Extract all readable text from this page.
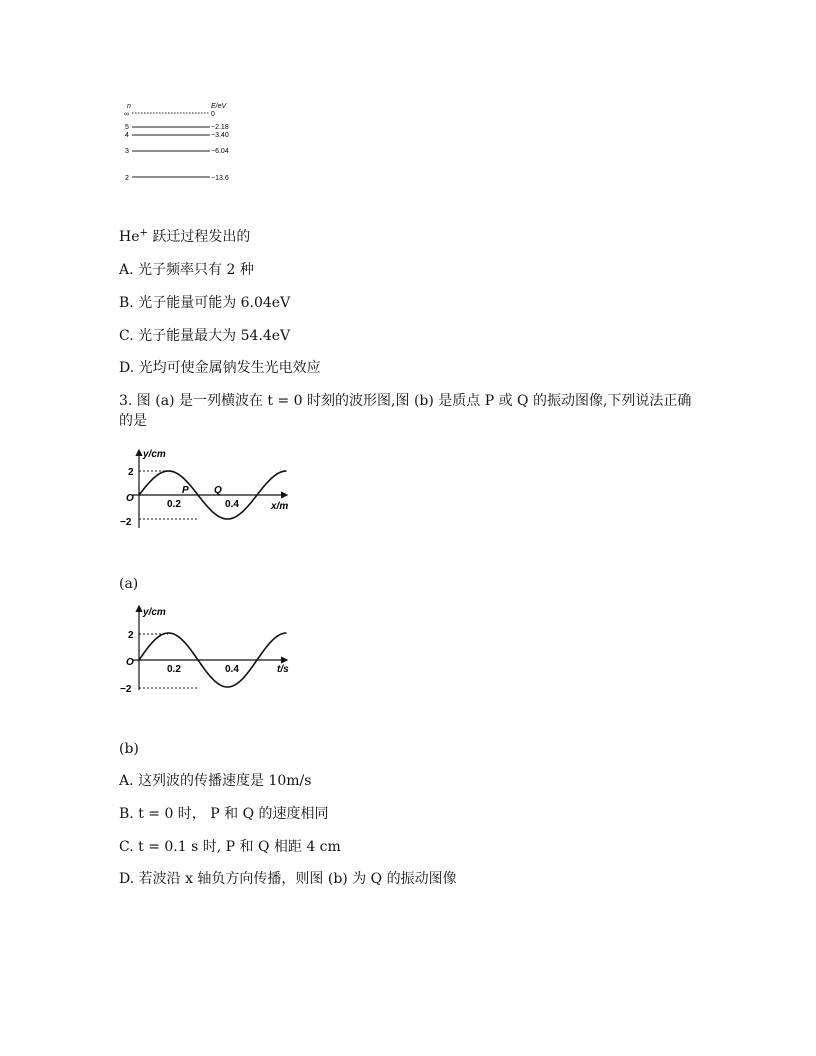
n	E/eV
∞	0
5	−2.18
4	−3.40
3	−6.04
2	−13.6
He+ 跃迁过程发出的
A. 光子频率只有 2 种
B. 光子能量可能为 6.04eV
C. 光子能量最大为 54.4eV
D. 光均可使金属钠发生光电效应
3. 图 (a) 是一列横波在 t = 0 时刻的波形图,图 (b) 是质点 P 或 Q 的振动图像,下列说法正确的是
y/cm
x/m
O
2
−2
0.2	0.4
P	Q
(a)
y/cm
t/s
O
2
−2
0.2	0.4
(b)
A. 这列波的传播速度是 10m/s
B. t = 0 时， P 和 Q 的速度相同
C. t = 0.1 s 时, P 和 Q 相距 4 cm
D. 若波沿 x 轴负方向传播，则图 (b) 为 Q 的振动图像
